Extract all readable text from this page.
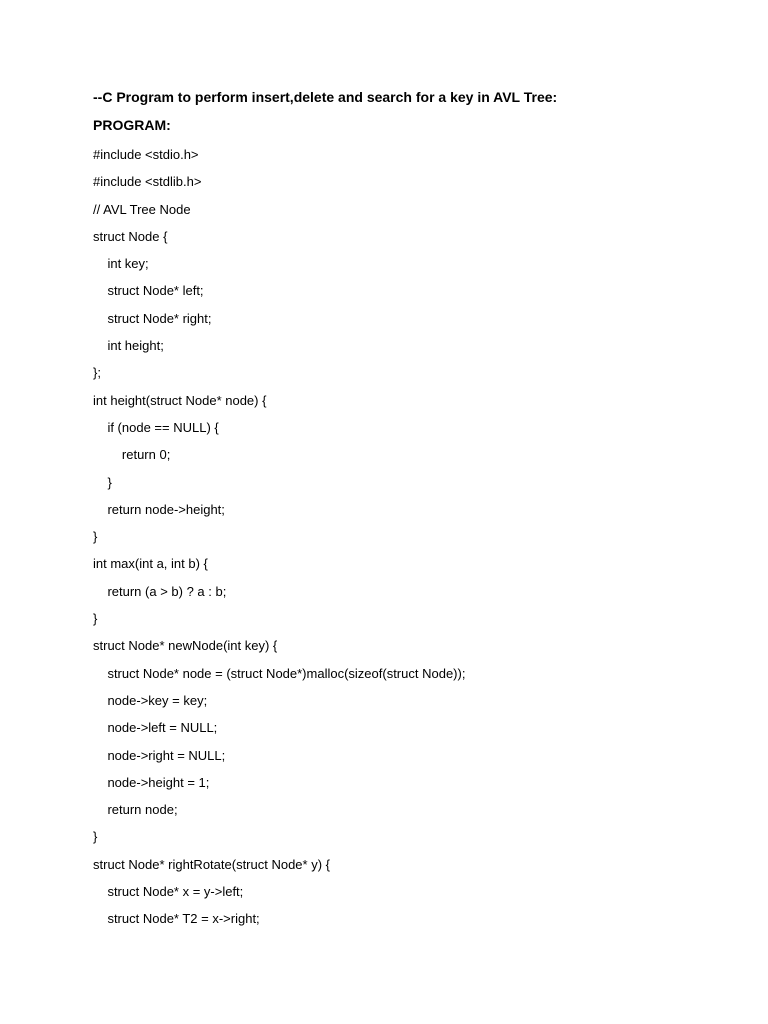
--C Program to perform insert,delete and search for a key in AVL Tree:
PROGRAM:
#include <stdio.h>
#include <stdlib.h>
// AVL Tree Node
struct Node {
int key;
struct Node* left;
struct Node* right;
int height;
};
int height(struct Node* node) {
if (node == NULL) {
return 0;
}
return node->height;
}
int max(int a, int b) {
return (a > b) ? a : b;
}
struct Node* newNode(int key) {
struct Node* node = (struct Node*)malloc(sizeof(struct Node));
node->key = key;
node->left = NULL;
node->right = NULL;
node->height = 1;
return node;
}
struct Node* rightRotate(struct Node* y) {
struct Node* x = y->left;
struct Node* T2 = x->right;
